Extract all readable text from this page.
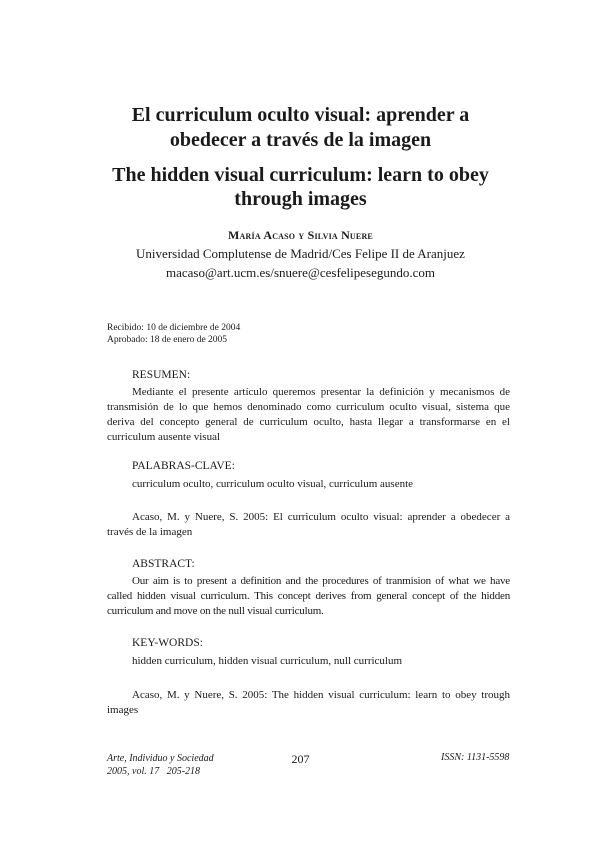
El curriculum oculto visual: aprender a
obedecer a través de la imagen
The hidden visual curriculum: learn to obey
through images
María Acaso y Silvia Nuere
Universidad Complutense de Madrid/Ces Felipe II de Aranjuez
macaso@art.ucm.es/snuere@cesfelipesegundo.com
Recibido: 10 de diciembre de 2004
Aprobado: 18 de enero de 2005
RESUMEN:
Mediante el presente artículo queremos presentar la definición y mecanismos de transmisión de lo que hemos denominado como curriculum oculto visual, sistema que deriva del concepto general de curriculum oculto, hasta llegar a transformarse en el curriculum ausente visual
PALABRAS-CLAVE:
curriculum oculto, curriculum oculto visual, curriculum ausente
Acaso, M. y Nuere, S. 2005: El curriculum oculto visual: aprender a obedecer a través de la imagen
ABSTRACT:
Our aim is to present a definition and the procedures of tranmision of what we have called hidden visual curriculum. This concept derives from general concept of the hidden curriculum and move on the null visual curriculum.
KEY-WORDS:
hidden curriculum, hidden visual curriculum, null curriculum
Acaso, M. y Nuere, S. 2005: The hidden visual curriculum: learn to obey trough images
Arte, Individuo y Sociedad
2005, vol. 17   205-218
207	ISSN: 1131-5598
